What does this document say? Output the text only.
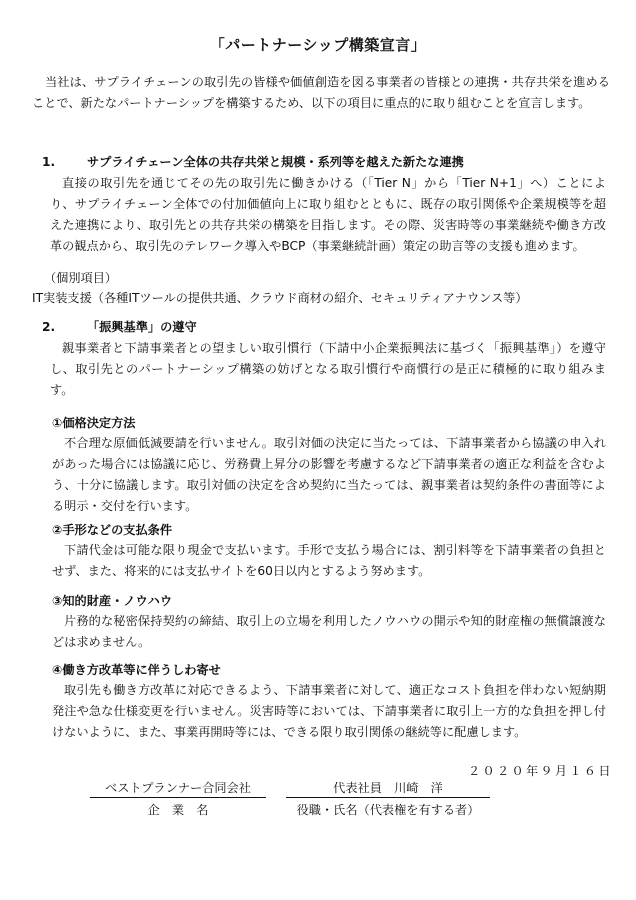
「パートナーシップ構築宣言」

当社は、サプライチェーンの取引先の皆様や価値創造を図る事業者の皆様との連携・共存共栄を進めることで、新たなパートナーシップを構築するため、以下の項目に重点的に取り組むことを宣言します。

1.	サプライチェーン全体の共存共栄と規模・系列等を越えた新たな連携

直接の取引先を通じてその先の取引先に働きかける（「Tier N」から「Tier N+1」へ）ことにより、サプライチェーン全体での付加価値向上に取り組むとともに、既存の取引関係や企業規模等を超えた連携により、取引先との共存共栄の構築を目指します。その際、災害時等の事業継続や働き方改革の観点から、取引先のテレワーク導入やBCP（事業継続計画）策定の助言等の支援も進めます。

（個別項目）
IT実装支援（各種ITツールの提供共通、クラウド商材の紹介、セキュリティアナウンス等）
2.	「振興基準」の遵守

親事業者と下請事業者との望ましい取引慣行（下請中小企業振興法に基づく「振興基準」）を遵守し、取引先とのパートナーシップ構築の妨げとなる取引慣行や商慣行の是正に積極的に取り組みます。

①価格決定方法

不合理な原価低減要請を行いません。取引対価の決定に当たっては、下請事業者から協議の申入れがあった場合には協議に応じ、労務費上昇分の影響を考慮するなど下請事業者の適正な利益を含むよう、十分に協議します。取引対価の決定を含め契約に当たっては、親事業者は契約条件の書面等による明示・交付を行います。

②手形などの支払条件

下請代金は可能な限り現金で支払います。手形で支払う場合には、割引料等を下請事業者の負担とせず、また、将来的には支払サイトを60日以内とするよう努めます。

③知的財産・ノウハウ

片務的な秘密保持契約の締結、取引上の立場を利用したノウハウの開示や知的財産権の無償譲渡などは求めません。

④働き方改革等に伴うしわ寄せ

取引先も働き方改革に対応できるよう、下請事業者に対して、適正なコスト負担を伴わない短納期発注や急な仕様変更を行いません。災害時等においては、下請事業者に取引上一方的な負担を押し付けないように、また、事業再開時等には、できる限り取引関係の継続等に配慮します。

２０２０年９月１６日
ベストプランナー合同会社
企　業　名
代表社員　川崎　洋
役職・氏名（代表権を有する者）
